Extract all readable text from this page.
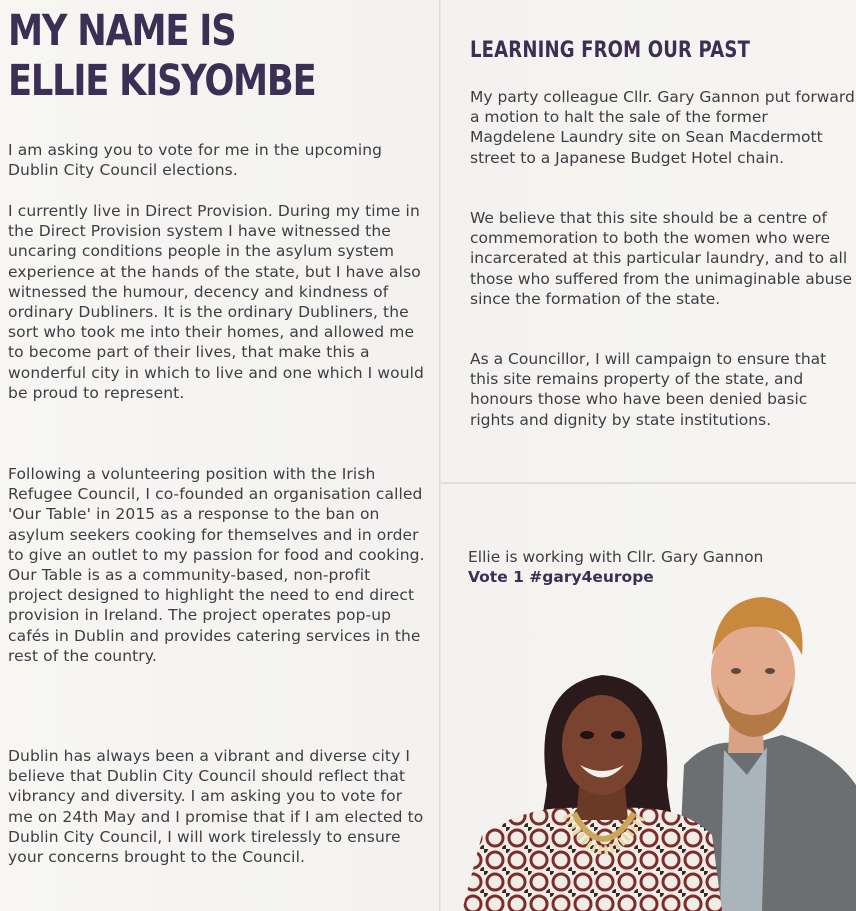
MY NAME IS
ELLIE KISYOMBE

I am asking you to vote for me in the upcoming Dublin City Council elections.

I currently live in Direct Provision. During my time in the Direct Provision system I have witnessed the uncaring conditions people in the asylum system experience at the hands of the state, but I have also witnessed the humour, decency and kindness of ordinary Dubliners. It is the ordinary Dubliners, the sort who took me into their homes, and allowed me to become part of their lives, that make this a wonderful city in which to live and one which I would be proud to represent.

Following a volunteering position with the Irish Refugee Council, I co-founded an organisation called 'Our Table' in 2015 as a response to the ban on asylum seekers cooking for themselves and in order to give an outlet to my passion for food and cooking. Our Table is as a community-based, non-profit project designed to highlight the need to end direct provision in Ireland. The project operates pop-up cafés in Dublin and provides catering services in the rest of the country.

Dublin has always been a vibrant and diverse city I believe that Dublin City Council should reflect that vibrancy and diversity. I am asking you to vote for me on 24th May and I promise that if I am elected to Dublin City Council, I will work tirelessly to ensure your concerns brought to the Council.

LEARNING FROM OUR PAST

My party colleague Cllr. Gary Gannon put forward a motion to halt the sale of the former Magdelene Laundry site on Sean Macdermott street to a Japanese Budget Hotel chain.

We believe that this site should be a centre of commemoration to both the women who were incarcerated at this particular laundry, and to all those who suffered from the unimaginable abuse since the formation of the state.

As a Councillor, I will campaign to ensure that this site remains property of the state, and honours those who have been denied basic rights and dignity by state institutions.

Ellie is working with Cllr. Gary Gannon

Vote 1 #gary4europe
